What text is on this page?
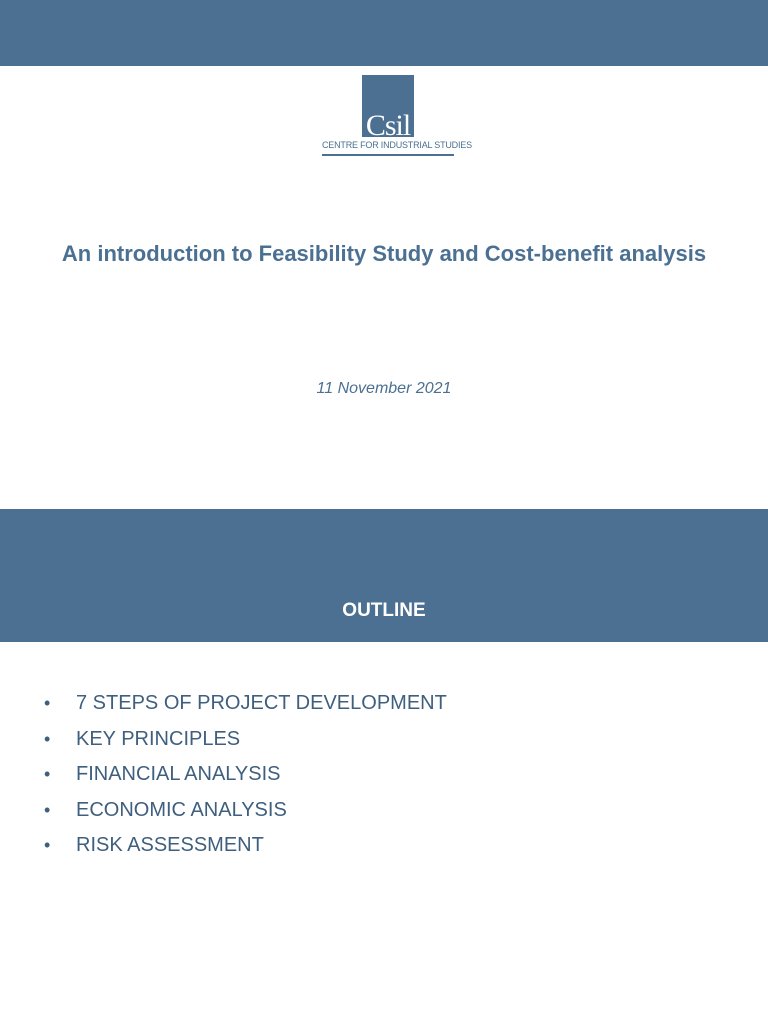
Csil
CENTRE FOR INDUSTRIAL STUDIES
An introduction to Feasibility Study and Cost-benefit analysis
11 November 2021
OUTLINE
•	7 STEPS OF PROJECT DEVELOPMENT
•	KEY PRINCIPLES
•	FINANCIAL ANALYSIS
•	ECONOMIC ANALYSIS
•	RISK ASSESSMENT
